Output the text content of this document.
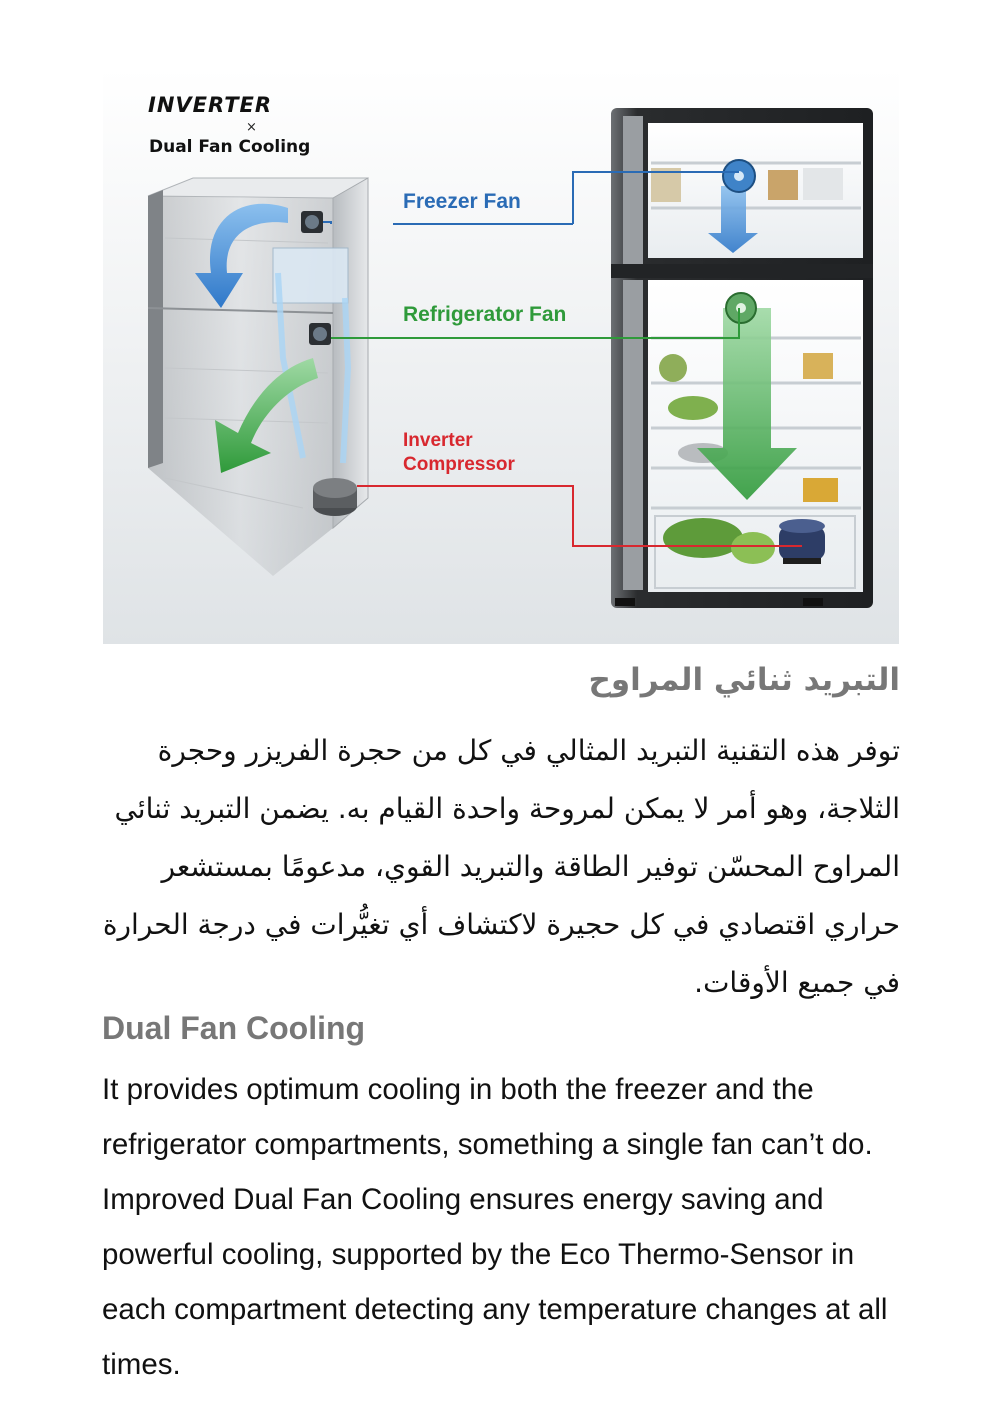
INVERTER
×
Dual Fan Cooling
Freezer Fan
Refrigerator Fan
Inverter
Compressor
التبريد ثنائي المراوح

توفر هذه التقنية التبريد المثالي في كل من حجرة الفريزر وحجرة الثلاجة، وهو أمر لا يمكن لمروحة واحدة القيام به. يضمن التبريد ثنائي المراوح المحسّن توفير الطاقة والتبريد القوي، مدعومًا بمستشعر حراري اقتصادي في كل حجيرة لاكتشاف أي تغيُّرات في درجة الحرارة في جميع الأوقات.

Dual Fan Cooling

It provides optimum cooling in both the freezer and the refrigerator compartments, something a single fan can’t do. Improved Dual Fan Cooling ensures energy saving and powerful cooling, supported by the Eco Thermo-Sensor in each compartment detecting any temperature changes at all times.
